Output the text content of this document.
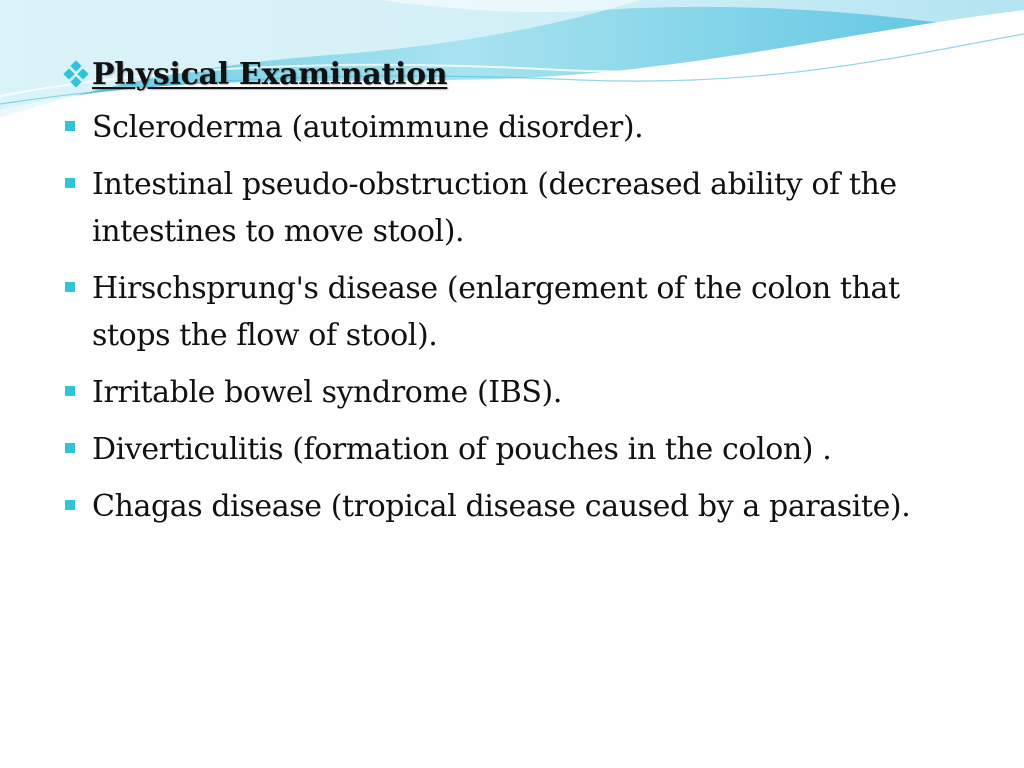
Physical Examination
Scleroderma (autoimmune disorder).
Intestinal pseudo-obstruction (decreased ability of the intestines to move stool).
Hirschsprung's disease (enlargement of the colon that stops the flow of stool).
Irritable bowel syndrome (IBS).
Diverticulitis (formation of pouches in the colon) .
Chagas disease (tropical disease caused by a parasite).
